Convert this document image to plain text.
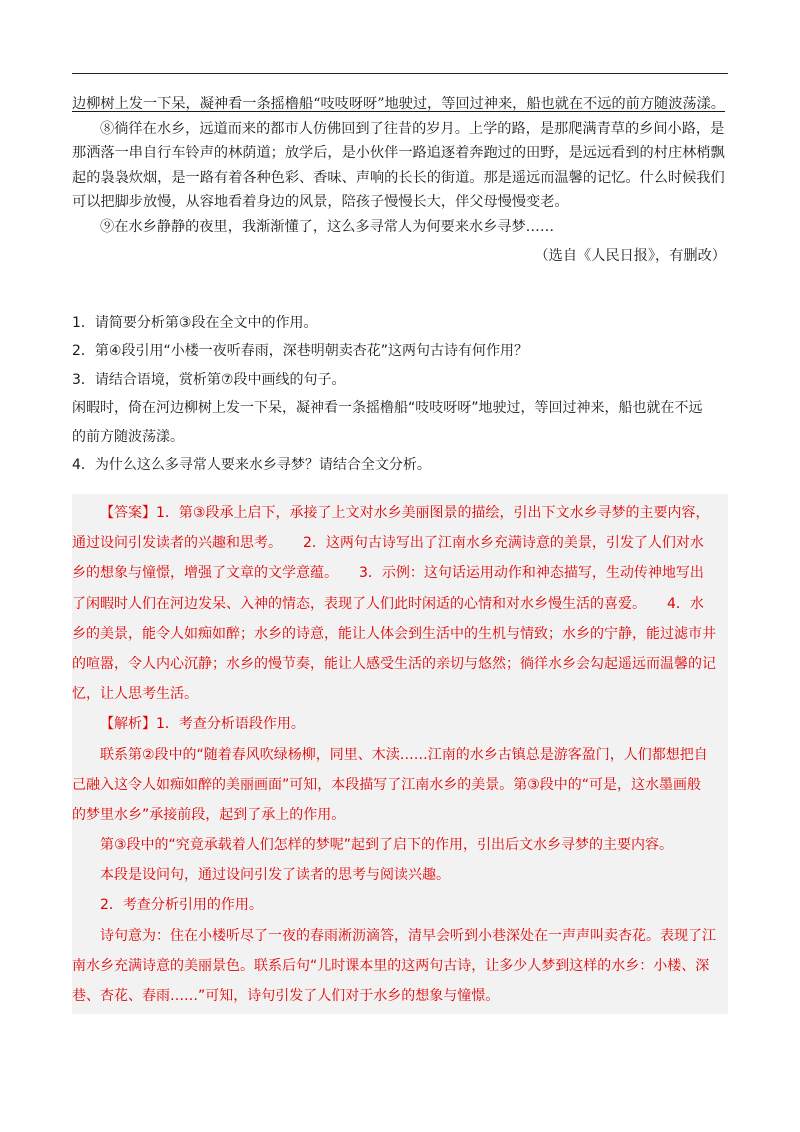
边柳树上发一下呆，凝神看一条摇橹船“吱吱呀呀”地驶过，等回过神来，船也就在不远的前方随波荡漾。
⑧徜徉在水乡，远道而来的都市人仿佛回到了往昔的岁月。上学的路，是那爬满青草的乡间小路，是
那洒落一串自行车铃声的林荫道；放学后，是小伙伴一路追逐着奔跑过的田野，是远远看到的村庄林梢飘
起的袅袅炊烟，是一路有着各种色彩、香味、声响的长长的街道。那是遥远而温馨的记忆。什么时候我们
可以把脚步放慢，从容地看着身边的风景，陪孩子慢慢长大，伴父母慢慢变老。
⑨在水乡静静的夜里，我渐渐懂了，这么多寻常人为何要来水乡寻梦……
（选自《人民日报》，有删改）
1．请简要分析第③段在全文中的作用。
2．第④段引用“小楼一夜听春雨，深巷明朝卖杏花”这两句古诗有何作用？
3．请结合语境，赏析第⑦段中画线的句子。
闲暇时，倚在河边柳树上发一下呆，凝神看一条摇橹船“吱吱呀呀”地驶过，等回过神来，船也就在不远
的前方随波荡漾。
4．为什么这么多寻常人要来水乡寻梦？请结合全文分析。
【答案】1．第③段承上启下，承接了上文对水乡美丽图景的描绘，引出下文水乡寻梦的主要内容，
通过设问引发读者的兴趣和思考。　　2．这两句古诗写出了江南水乡充满诗意的美景，引发了人们对水
乡的想象与憧憬，增强了文章的文学意蕴。　　3．示例：这句话运用动作和神态描写，生动传神地写出
了闲暇时人们在河边发呆、入神的情态，表现了人们此时闲适的心情和对水乡慢生活的喜爱。　　4．水
乡的美景，能令人如痴如醉；水乡的诗意，能让人体会到生活中的生机与情致；水乡的宁静，能过滤市井
的喧嚣，令人内心沉静；水乡的慢节奏，能让人感受生活的亲切与悠然；徜徉水乡会勾起遥远而温馨的记
忆，让人思考生活。
【解析】1．考查分析语段作用。
联系第②段中的“随着春风吹绿杨柳，同里、木渎……江南的水乡古镇总是游客盈门，人们都想把自
己融入这令人如痴如醉的美丽画面”可知，本段描写了江南水乡的美景。第③段中的“可是，这水墨画般
的梦里水乡”承接前段，起到了承上的作用。
第③段中的“究竟承载着人们怎样的梦呢”起到了启下的作用，引出后文水乡寻梦的主要内容。
本段是设问句，通过设问引发了读者的思考与阅读兴趣。
2．考查分析引用的作用。
诗句意为：住在小楼听尽了一夜的春雨淅沥滴答，清早会听到小巷深处在一声声叫卖杏花。表现了江
南水乡充满诗意的美丽景色。联系后句“儿时课本里的这两句古诗，让多少人梦到这样的水乡：小楼、深
巷、杏花、春雨……”可知，诗句引发了人们对于水乡的想象与憧憬。
